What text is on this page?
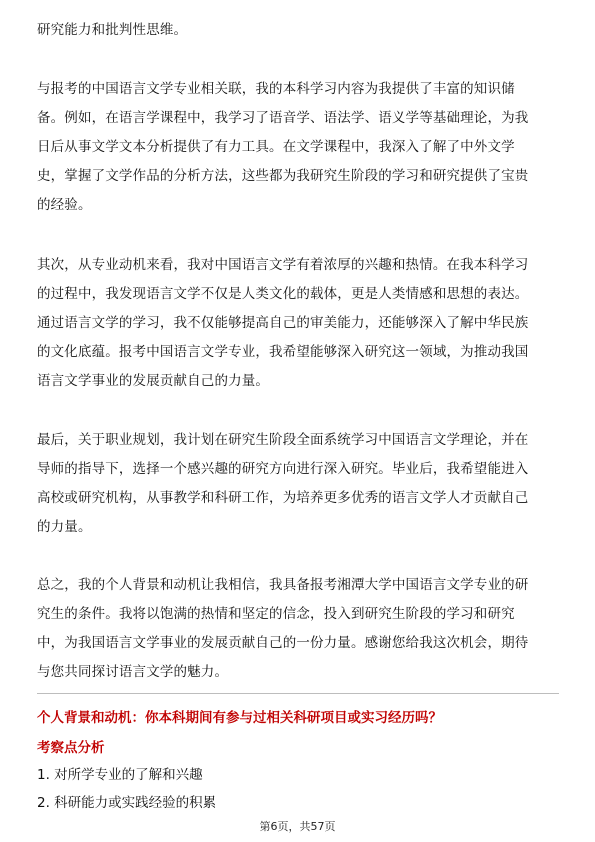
研究能力和批判性思维。

与报考的中国语言文学专业相关联，我的本科学习内容为我提供了丰富的知识储
备。例如，在语言学课程中，我学习了语音学、语法学、语义学等基础理论，为我
日后从事文学文本分析提供了有力工具。在文学课程中，我深入了解了中外文学
史，掌握了文学作品的分析方法，这些都为我研究生阶段的学习和研究提供了宝贵
的经验。

其次，从专业动机来看，我对中国语言文学有着浓厚的兴趣和热情。在我本科学习
的过程中，我发现语言文学不仅是人类文化的载体，更是人类情感和思想的表达。
通过语言文学的学习，我不仅能够提高自己的审美能力，还能够深入了解中华民族
的文化底蕴。报考中国语言文学专业，我希望能够深入研究这一领域，为推动我国
语言文学事业的发展贡献自己的力量。

最后，关于职业规划，我计划在研究生阶段全面系统学习中国语言文学理论，并在
导师的指导下，选择一个感兴趣的研究方向进行深入研究。毕业后，我希望能进入
高校或研究机构，从事教学和科研工作，为培养更多优秀的语言文学人才贡献自己
的力量。

总之，我的个人背景和动机让我相信，我具备报考湘潭大学中国语言文学专业的研
究生的条件。我将以饱满的热情和坚定的信念，投入到研究生阶段的学习和研究
中，为我国语言文学事业的发展贡献自己的一份力量。感谢您给我这次机会，期待
与您共同探讨语言文学的魅力。

个人背景和动机：你本科期间有参与过相关科研项目或实习经历吗？
考察点分析
1. 对所学专业的了解和兴趣
2. 科研能力或实践经验的积累
第6页，共57页
